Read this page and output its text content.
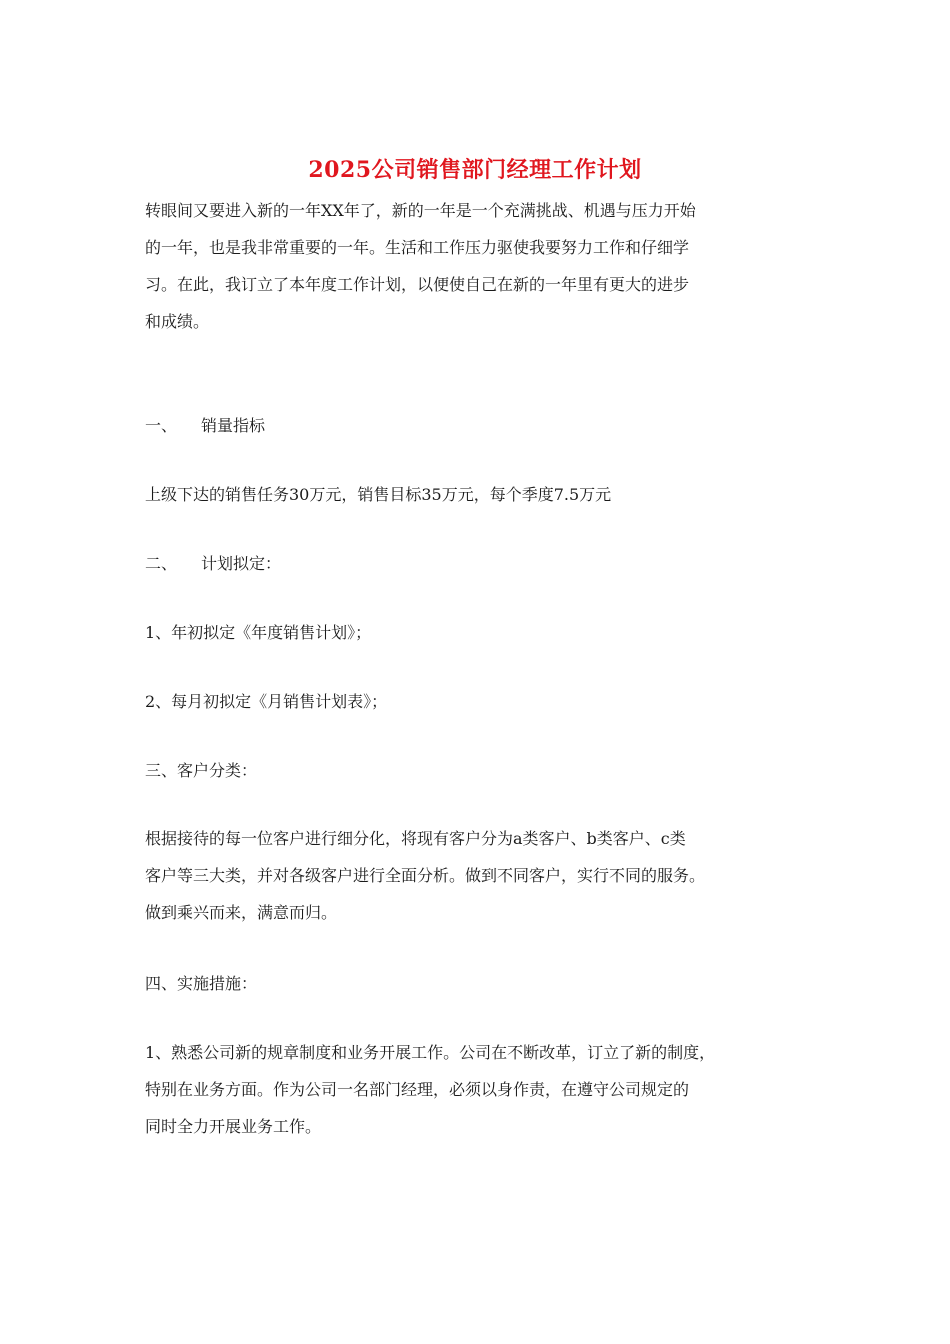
2025公司销售部门经理工作计划
转眼间又要进入新的一年XX年了，新的一年是一个充满挑战、机遇与压力开始
的一年，也是我非常重要的一年。生活和工作压力驱使我要努力工作和仔细学
习。在此，我订立了本年度工作计划，以便使自己在新的一年里有更大的进步
和成绩。
一、 销量指标
上级下达的销售任务30万元，销售目标35万元，每个季度7.5万元
二、 计划拟定：
1、年初拟定《年度销售计划》；
2、每月初拟定《月销售计划表》；
三、客户分类：
根据接待的每一位客户进行细分化，将现有客户分为a类客户、b类客户、c类
客户等三大类，并对各级客户进行全面分析。做到不同客户，实行不同的服务。
做到乘兴而来，满意而归。
四、实施措施：
1、熟悉公司新的规章制度和业务开展工作。公司在不断改革，订立了新的制度，
特别在业务方面。作为公司一名部门经理，必须以身作责，在遵守公司规定的
同时全力开展业务工作。
